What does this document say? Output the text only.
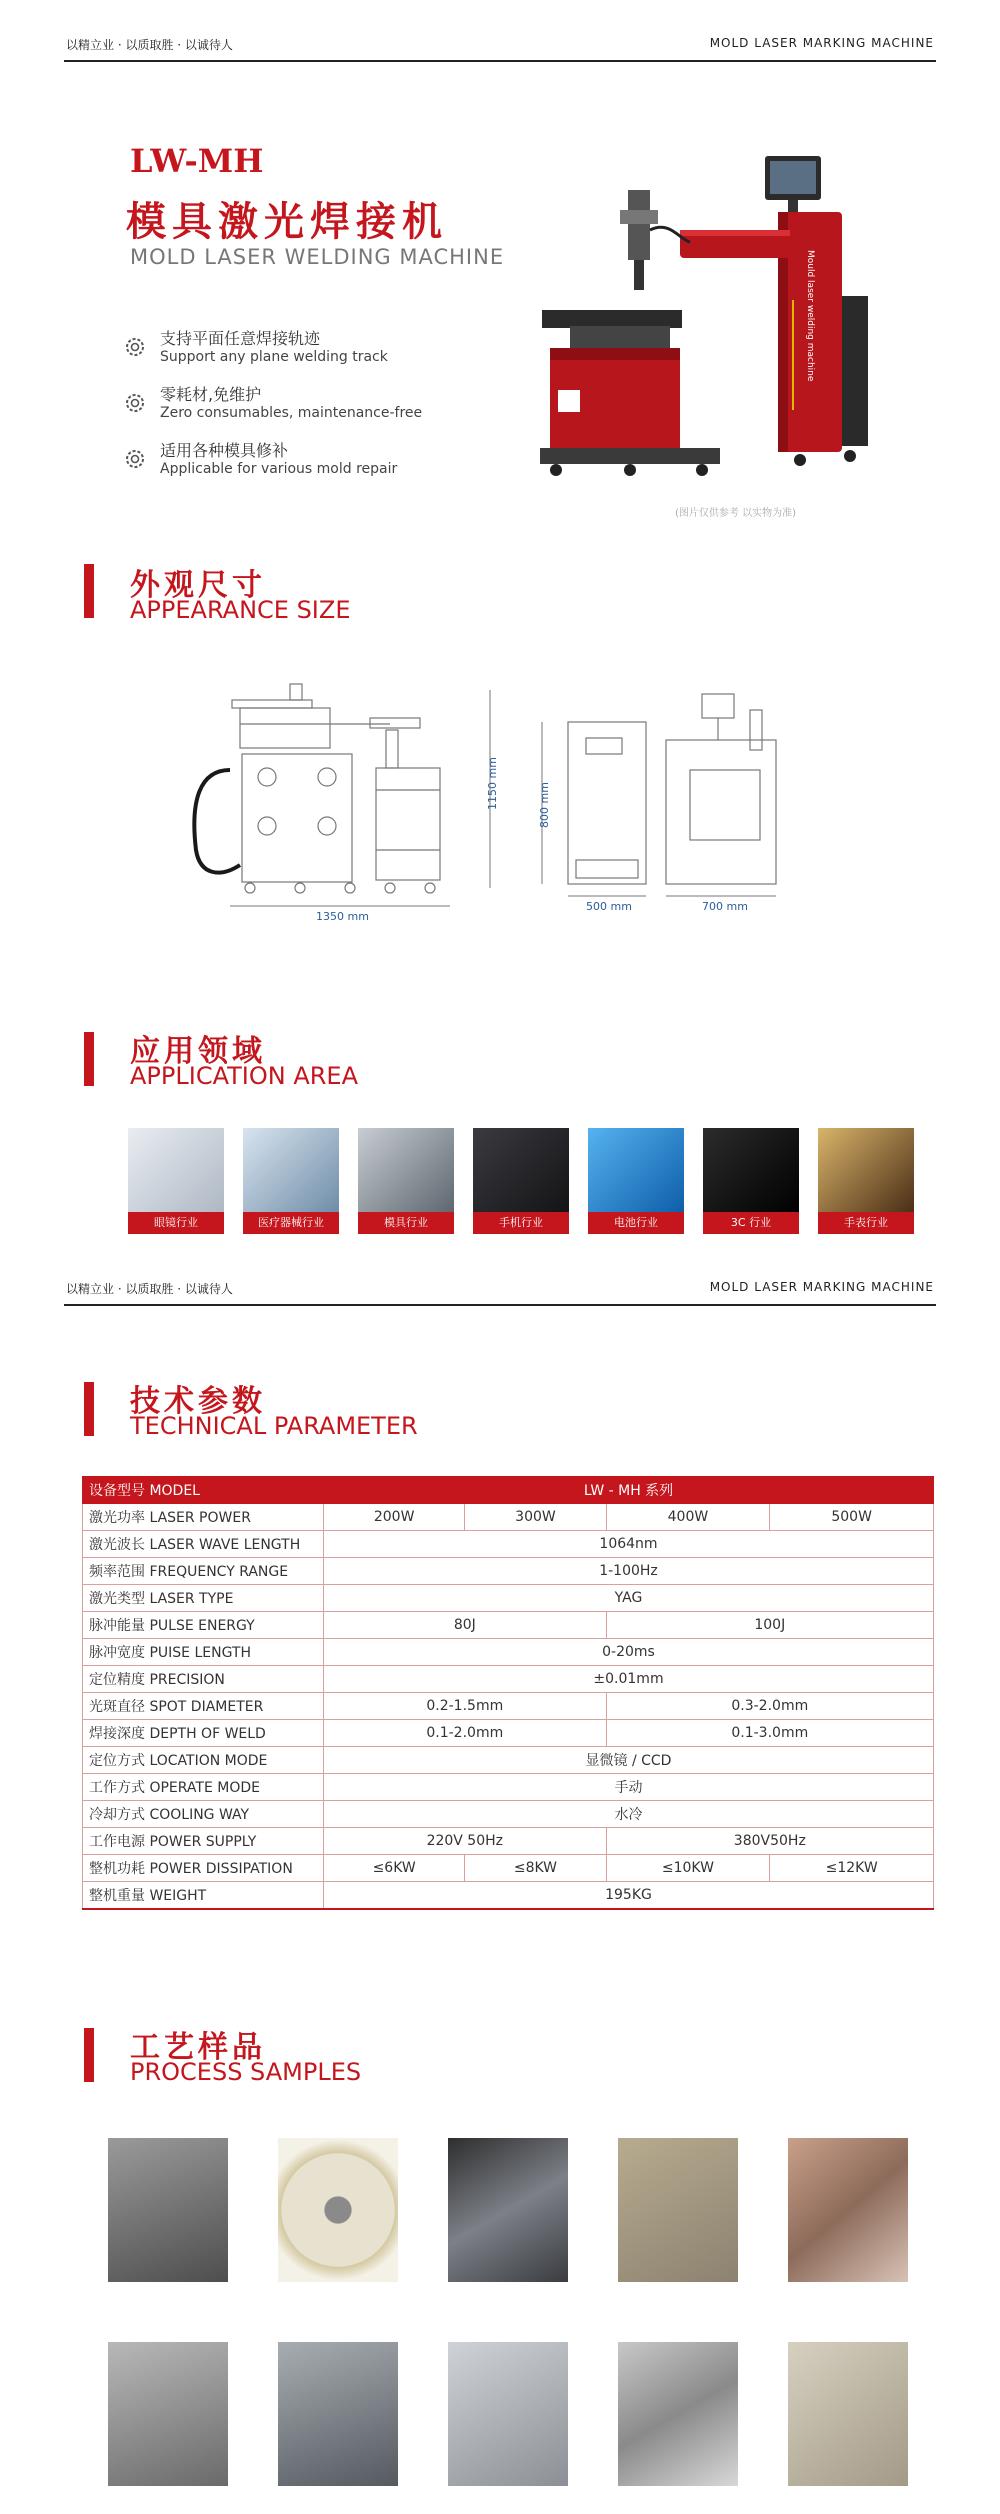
以精立业 · 以质取胜 · 以诚待人	MOLD LASER MARKING MACHINE
LW-MH
模具激光焊接机
MOLD LASER WELDING MACHINE
支持平面任意焊接轨迹
Support any plane welding track
零耗材,免维护
Zero consumables, maintenance-free
适用各种模具修补
Applicable for various mold repair
Mould laser welding machine
(图片仅供参考 以实物为准)
外观尺寸
APPEARANCE SIZE
1350 mm
1150 mm	800 mm
500 mm	700 mm
应用领域
APPLICATION AREA
眼镜行业	医疗器械行业	模具行业	手机行业	电池行业	3C 行业	手表行业
以精立业 · 以质取胜 · 以诚待人	MOLD LASER MARKING MACHINE
技术参数
TECHNICAL PARAMETER
设备型号 MODEL	LW - MH 系列			
激光功率 LASER POWER	200W	300W	400W	500W
激光波长 LASER WAVE LENGTH	1064nm			
频率范围 FREQUENCY RANGE	1-100Hz			
激光类型 LASER TYPE	YAG			
脉冲能量 PULSE ENERGY	80J		100J	
脉冲宽度 PUISE LENGTH	0-20ms			
定位精度 PRECISION	±0.01mm			
光斑直径 SPOT DIAMETER	0.2-1.5mm		0.3-2.0mm	
焊接深度 DEPTH OF WELD	0.1-2.0mm		0.1-3.0mm	
定位方式 LOCATION MODE	显微镜 / CCD			
工作方式 OPERATE MODE	手动			
冷却方式 COOLING WAY	水冷			
工作电源 POWER SUPPLY	220V 50Hz		380V50Hz	
整机功耗 POWER DISSIPATION	≤6KW	≤8KW	≤10KW	≤12KW
整机重量 WEIGHT	195KG			
工艺样品
PROCESS SAMPLES
